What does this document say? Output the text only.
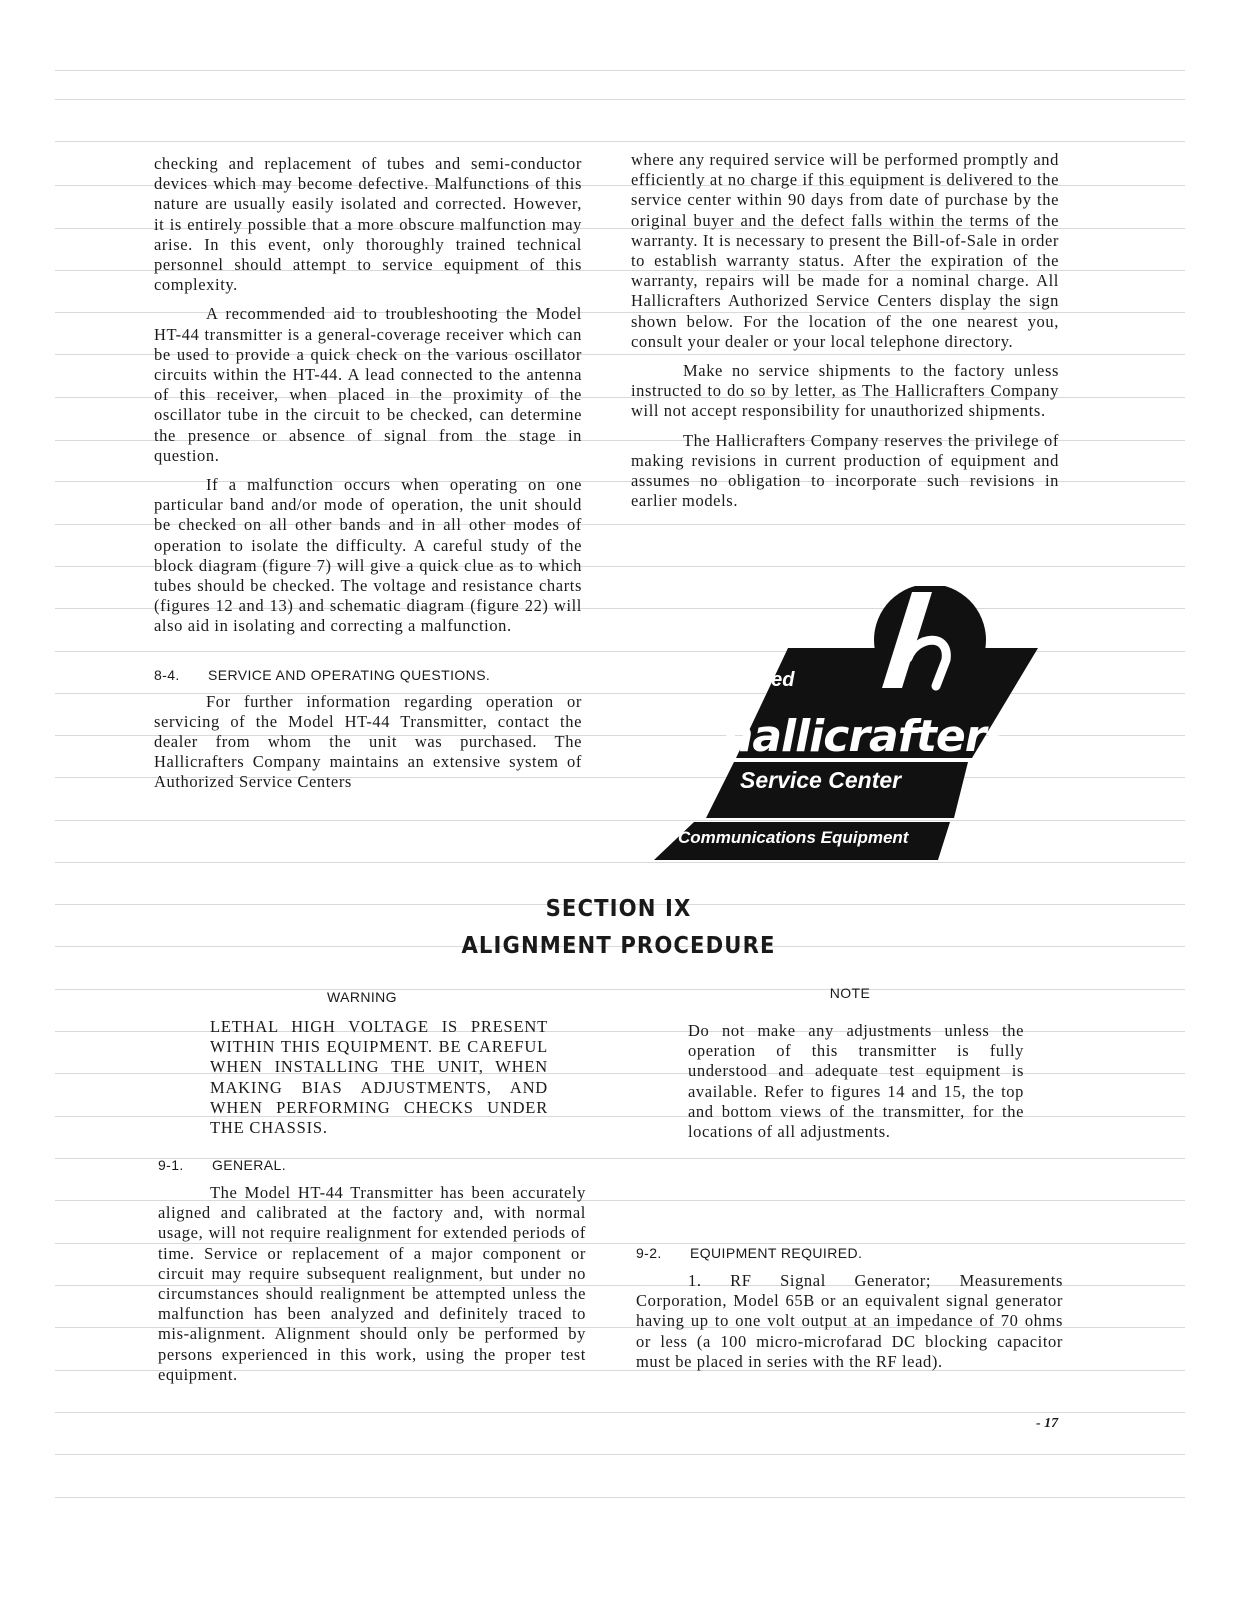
checking and replacement of tubes and semi-conductor devices which may become defective. Malfunctions of this nature are usually easily isolated and corrected. However, it is entirely possible that a more obscure malfunction may arise. In this event, only thoroughly trained technical personnel should attempt to service equipment of this complexity.

A recommended aid to troubleshooting the Model HT-44 transmitter is a general-coverage receiver which can be used to provide a quick check on the various oscillator circuits within the HT-44. A lead connected to the antenna of this receiver, when placed in the proximity of the oscillator tube in the circuit to be checked, can determine the presence or absence of signal from the stage in question.

If a malfunction occurs when operating on one particular band and/or mode of operation, the unit should be checked on all other bands and in all other modes of operation to isolate the difficulty. A careful study of the block diagram (figure 7) will give a quick clue as to which tubes should be checked. The voltage and resistance charts (figures 12 and 13) and schematic diagram (figure 22) will also aid in isolating and correcting a malfunction.

8-4. SERVICE AND OPERATING QUESTIONS.

For further information regarding operation or servicing of the Model HT-44 Transmitter, contact the dealer from whom the unit was purchased. The Hallicrafters Company maintains an extensive system of Authorized Service Centers

where any required service will be performed promptly and efficiently at no charge if this equipment is delivered to the service center within 90 days from date of purchase by the original buyer and the defect falls within the terms of the warranty. It is necessary to present the Bill-of-Sale in order to establish warranty status. After the expiration of the warranty, repairs will be made for a nominal charge. All Hallicrafters Authorized Service Centers display the sign shown below. For the location of the one nearest you, consult your dealer or your local telephone directory.

Make no service shipments to the factory unless instructed to do so by letter, as The Hallicrafters Company will not accept responsibility for unauthorized shipments.

The Hallicrafters Company reserves the privilege of making revisions in current production of equipment and assumes no obligation to incorporate such revisions in earlier models.

Authorized
hallicrafters
Service Center
Communications Equipment
SECTION IX
ALIGNMENT PROCEDURE

WARNING

LETHAL HIGH VOLTAGE IS PRESENT WITHIN THIS EQUIPMENT. BE CAREFUL WHEN INSTALLING THE UNIT, WHEN MAKING BIAS ADJUSTMENTS, AND WHEN PERFORMING CHECKS UNDER THE CHASSIS.

NOTE

Do not make any adjustments unless the operation of this transmitter is fully understood and adequate test equipment is available. Refer to figures 14 and 15, the top and bottom views of the transmitter, for the locations of all adjustments.

9-1. GENERAL.

The Model HT-44 Transmitter has been accurately aligned and calibrated at the factory and, with normal usage, will not require realignment for extended periods of time. Service or replacement of a major component or circuit may require subsequent realignment, but under no circumstances should realignment be attempted unless the malfunction has been analyzed and definitely traced to mis-alignment. Alignment should only be performed by persons experienced in this work, using the proper test equipment.

9-2. EQUIPMENT REQUIRED.

1. RF Signal Generator; Measurements Corporation, Model 65B or an equivalent signal generator having up to one volt output at an impedance of 70 ohms or less (a 100 micro-microfarad DC blocking capacitor must be placed in series with the RF lead).

- 17
